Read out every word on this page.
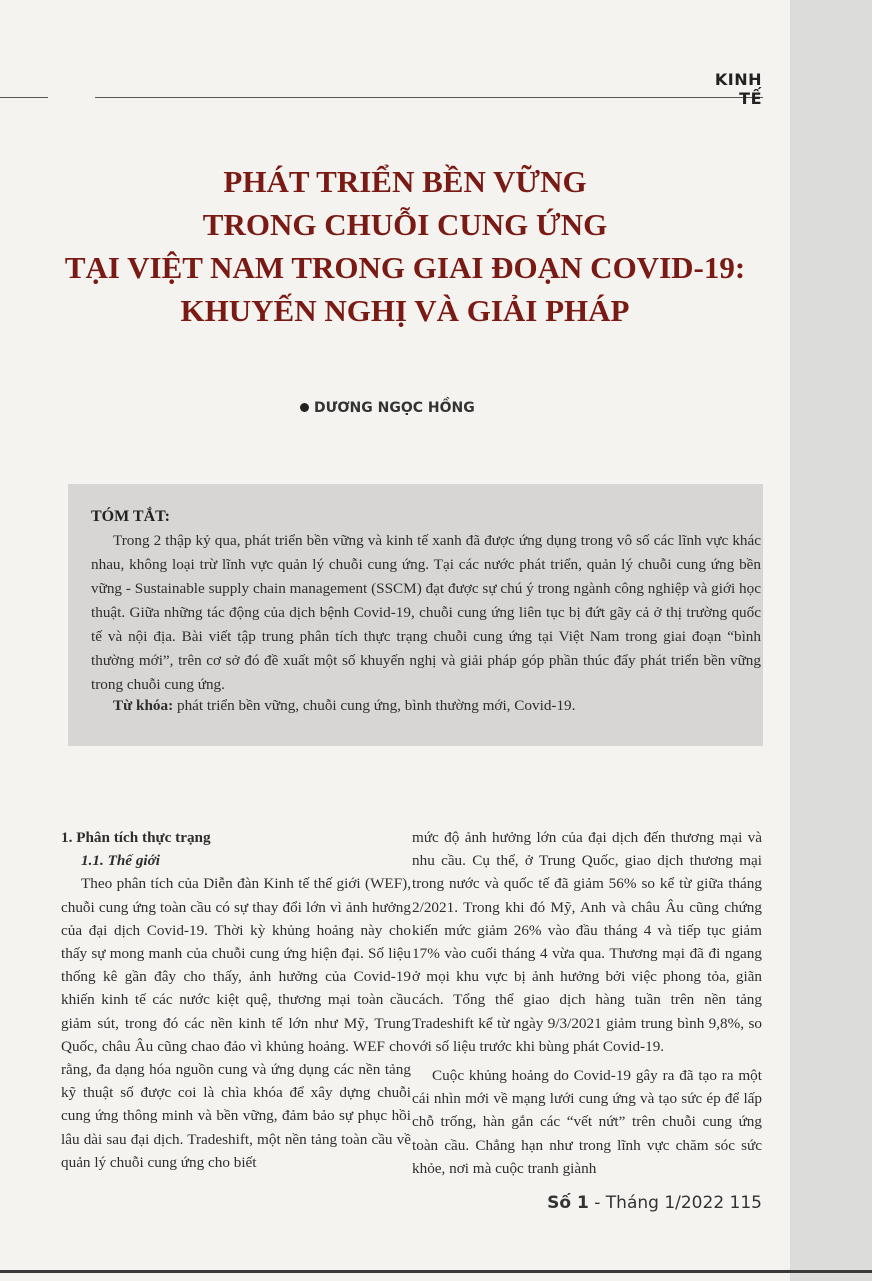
KINH TẾ
PHÁT TRIỂN BỀN VỮNG
TRONG CHUỖI CUNG ỨNG
TẠI VIỆT NAM TRONG GIAI ĐOẠN COVID-19:
KHUYẾN NGHỊ VÀ GIẢI PHÁP
DƯƠNG NGỌC HỒNG
TÓM TẮT:

Trong 2 thập kỷ qua, phát triển bền vững và kinh tế xanh đã được ứng dụng trong vô số các lĩnh vực khác nhau, không loại trừ lĩnh vực quản lý chuỗi cung ứng. Tại các nước phát triển, quản lý chuỗi cung ứng bền vững - Sustainable supply chain management (SSCM) đạt được sự chú ý trong ngành công nghiệp và giới học thuật. Giữa những tác động của dịch bệnh Covid-19, chuỗi cung ứng liên tục bị đứt gãy cả ở thị trường quốc tế và nội địa. Bài viết tập trung phân tích thực trạng chuỗi cung ứng tại Việt Nam trong giai đoạn “bình thường mới”, trên cơ sở đó đề xuất một số khuyến nghị và giải pháp góp phần thúc đẩy phát triển bền vững trong chuỗi cung ứng.

Từ khóa: phát triển bền vững, chuỗi cung ứng, bình thường mới, Covid-19.

1. Phân tích thực trạng

1.1. Thế giới

Theo phân tích của Diễn đàn Kinh tế thế giới (WEF), chuỗi cung ứng toàn cầu có sự thay đổi lớn vì ảnh hưởng của đại dịch Covid-19. Thời kỳ khủng hoảng này cho thấy sự mong manh của chuỗi cung ứng hiện đại. Số liệu thống kê gần đây cho thấy, ảnh hưởng của Covid-19 khiến kinh tế các nước kiệt quệ, thương mại toàn cầu giảm sút, trong đó các nền kinh tế lớn như Mỹ, Trung Quốc, châu Âu cũng chao đảo vì khủng hoảng. WEF cho rằng, đa dạng hóa nguồn cung và ứng dụng các nền tảng kỹ thuật số được coi là chìa khóa để xây dựng chuỗi cung ứng thông minh và bền vững, đảm bảo sự phục hồi lâu dài sau đại dịch. Tradeshift, một nền tảng toàn cầu về quản lý chuỗi cung ứng cho biết

mức độ ảnh hưởng lớn của đại dịch đến thương mại và nhu cầu. Cụ thể, ở Trung Quốc, giao dịch thương mại trong nước và quốc tế đã giảm 56% so kể từ giữa tháng 2/2021. Trong khi đó Mỹ, Anh và châu Âu cũng chứng kiến mức giảm 26% vào đầu tháng 4 và tiếp tục giảm 17% vào cuối tháng 4 vừa qua. Thương mại đã đi ngang ở mọi khu vực bị ảnh hưởng bởi việc phong tỏa, giãn cách. Tổng thể giao dịch hàng tuần trên nền tảng Tradeshift kể từ ngày 9/3/2021 giảm trung bình 9,8%, so với số liệu trước khi bùng phát Covid-19.

Cuộc khủng hoảng do Covid-19 gây ra đã tạo ra một cái nhìn mới về mạng lưới cung ứng và tạo sức ép để lấp chỗ trống, hàn gắn các “vết nứt” trên chuỗi cung ứng toàn cầu. Chẳng hạn như trong lĩnh vực chăm sóc sức khỏe, nơi mà cuộc tranh giành

Số 1 - Tháng 1/2022 115
